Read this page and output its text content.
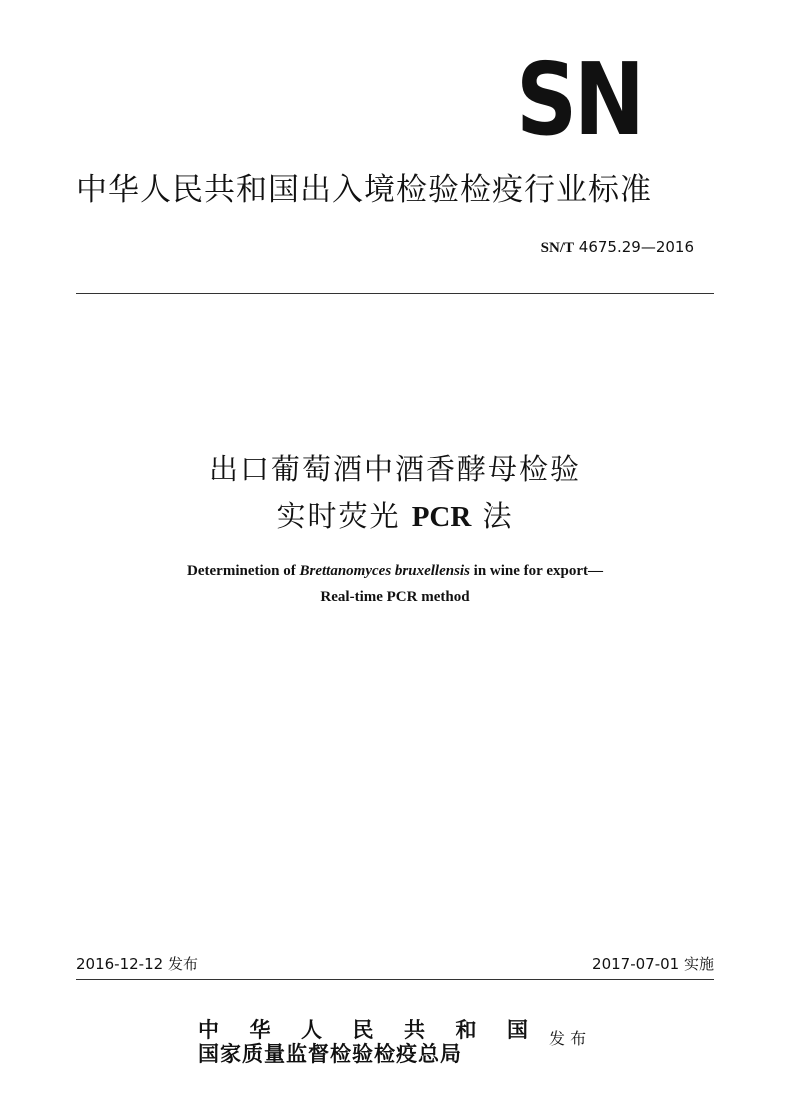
SN
中华人民共和国出入境检验检疫行业标准
SN/T 4675.29—2016
出口葡萄酒中酒香酵母检验
实时荧光 PCR 法
Determinetion of Brettanomyces bruxellensis in wine for export—
Real-time PCR method
2016-12-12 发布	2017-07-01 实施
中 华 人 民 共 和 国
国家质量监督检验检疫总局
发 布
